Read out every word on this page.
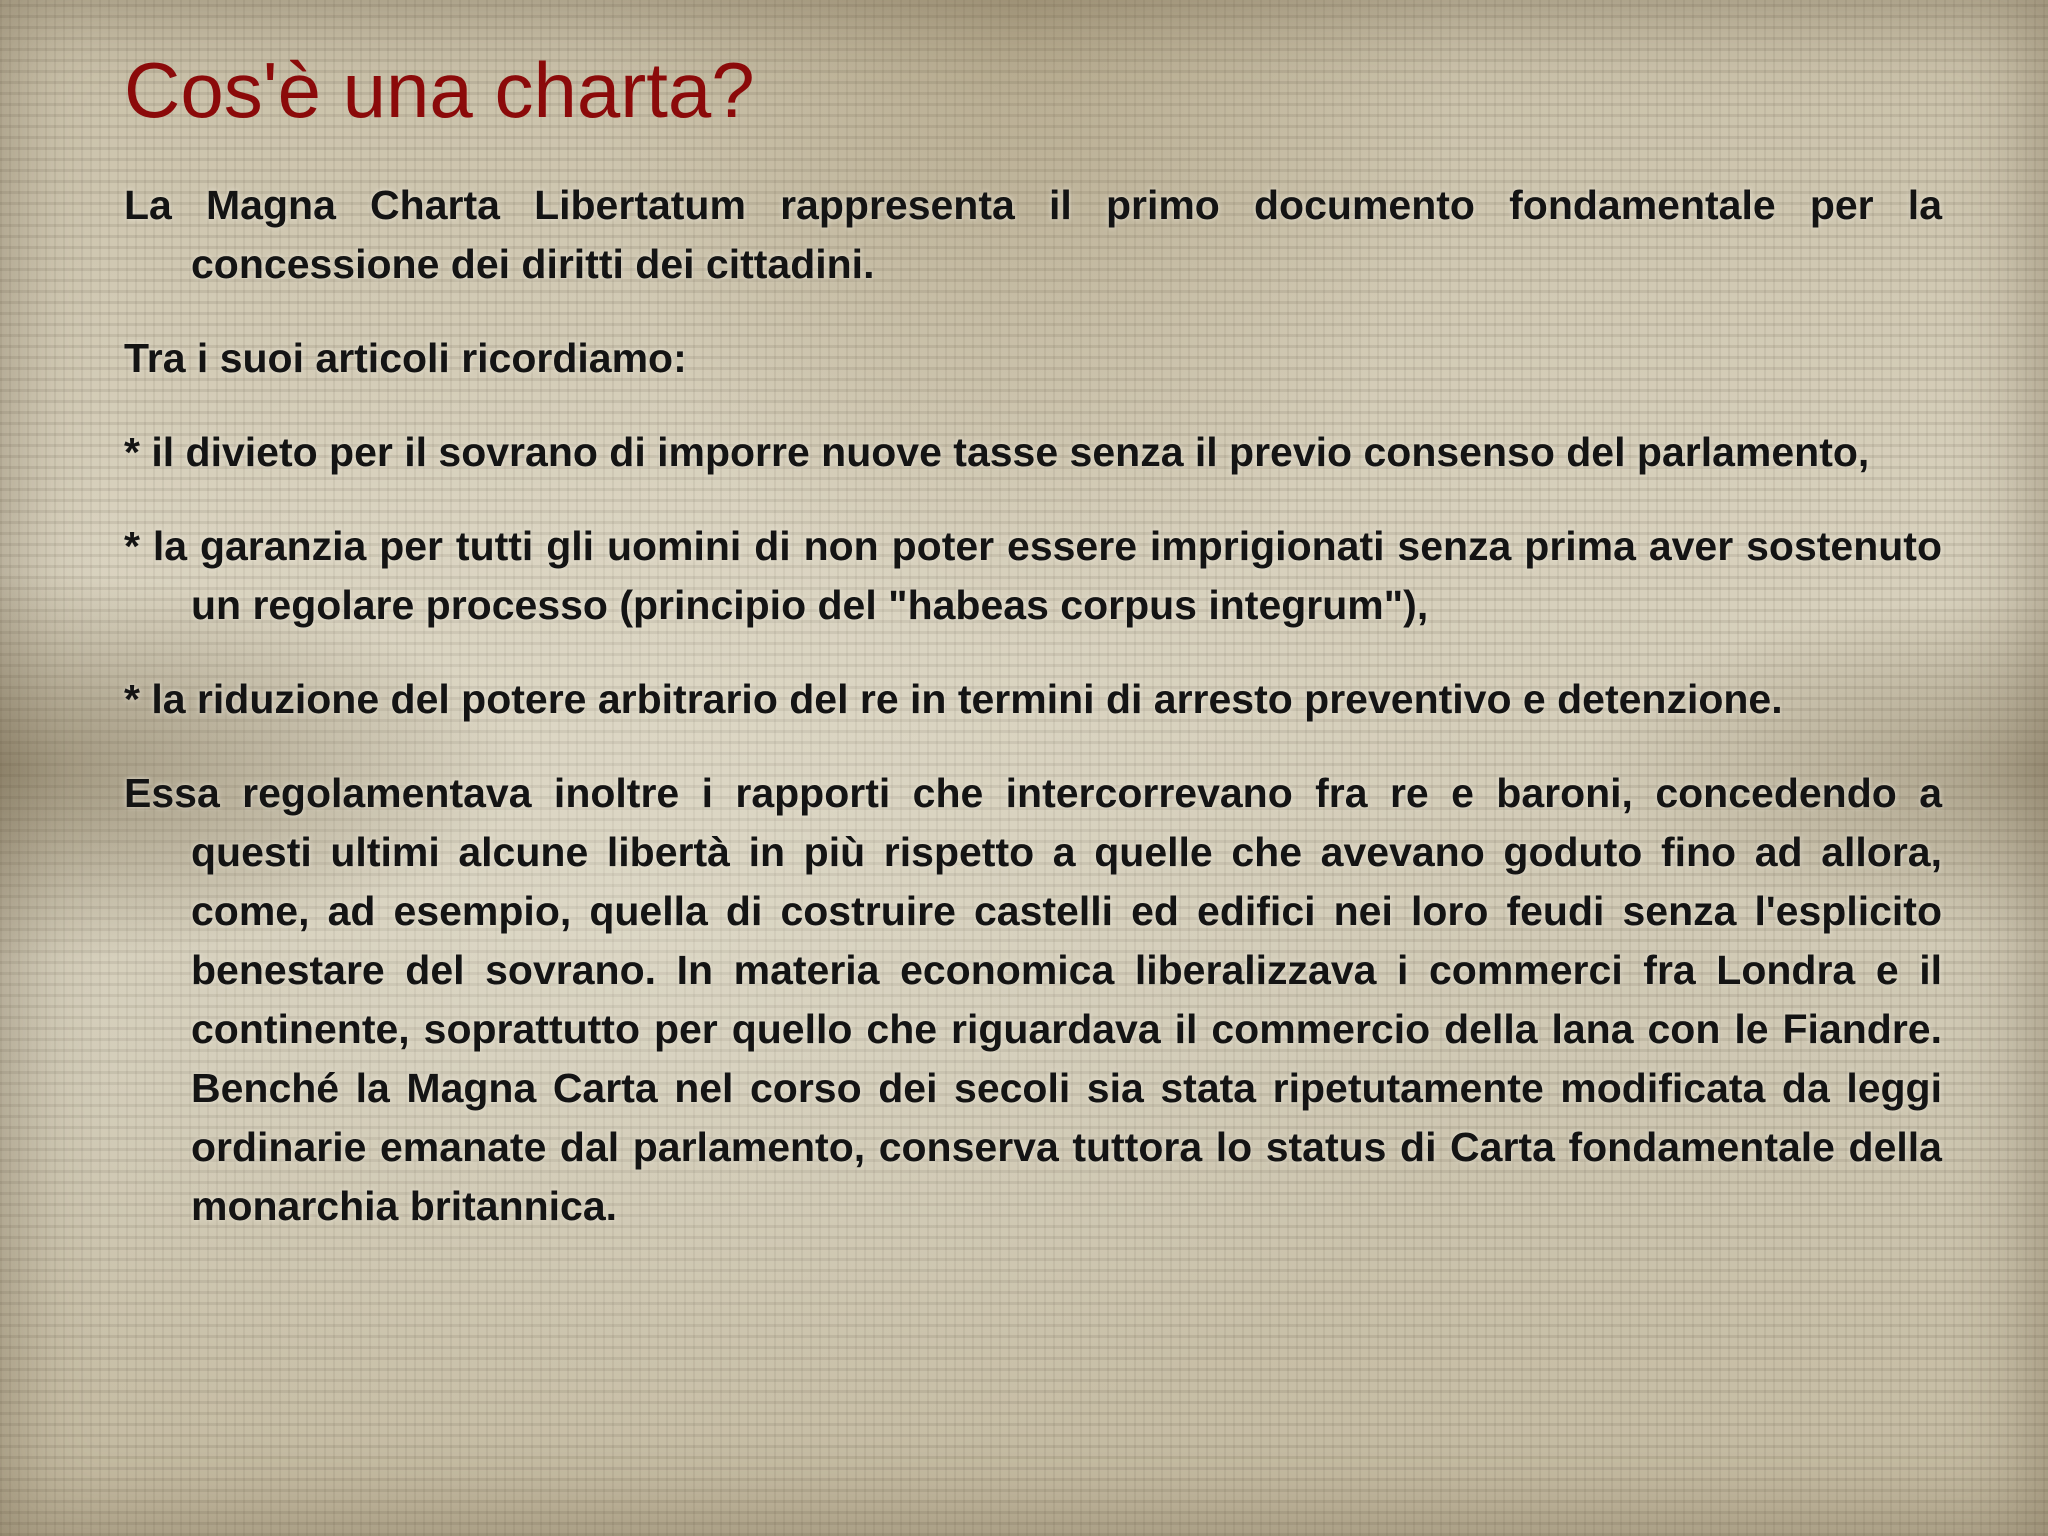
Cos'è una charta?

La Magna Charta Libertatum rappresenta il primo documento fondamentale per la concessione dei diritti dei cittadini.

Tra i suoi articoli ricordiamo:

* il divieto per il sovrano di imporre nuove tasse senza il previo consenso del parlamento,

* la garanzia per tutti gli uomini di non poter essere imprigionati senza prima aver sostenuto un regolare processo (principio del "habeas corpus integrum"),

* la riduzione del potere arbitrario del re in termini di arresto preventivo e detenzione.

Essa regolamentava inoltre i rapporti che intercorrevano fra re e baroni, concedendo a questi ultimi alcune libertà in più rispetto a quelle che avevano goduto fino ad allora, come, ad esempio, quella di costruire castelli ed edifici nei loro feudi senza l'esplicito benestare del sovrano. In materia economica liberalizzava i commerci fra Londra e il continente, soprattutto per quello che riguardava il commercio della lana con le Fiandre. Benché la Magna Carta nel corso dei secoli sia stata ripetutamente modificata da leggi ordinarie emanate dal parlamento, conserva tuttora lo status di Carta fondamentale della monarchia britannica.
